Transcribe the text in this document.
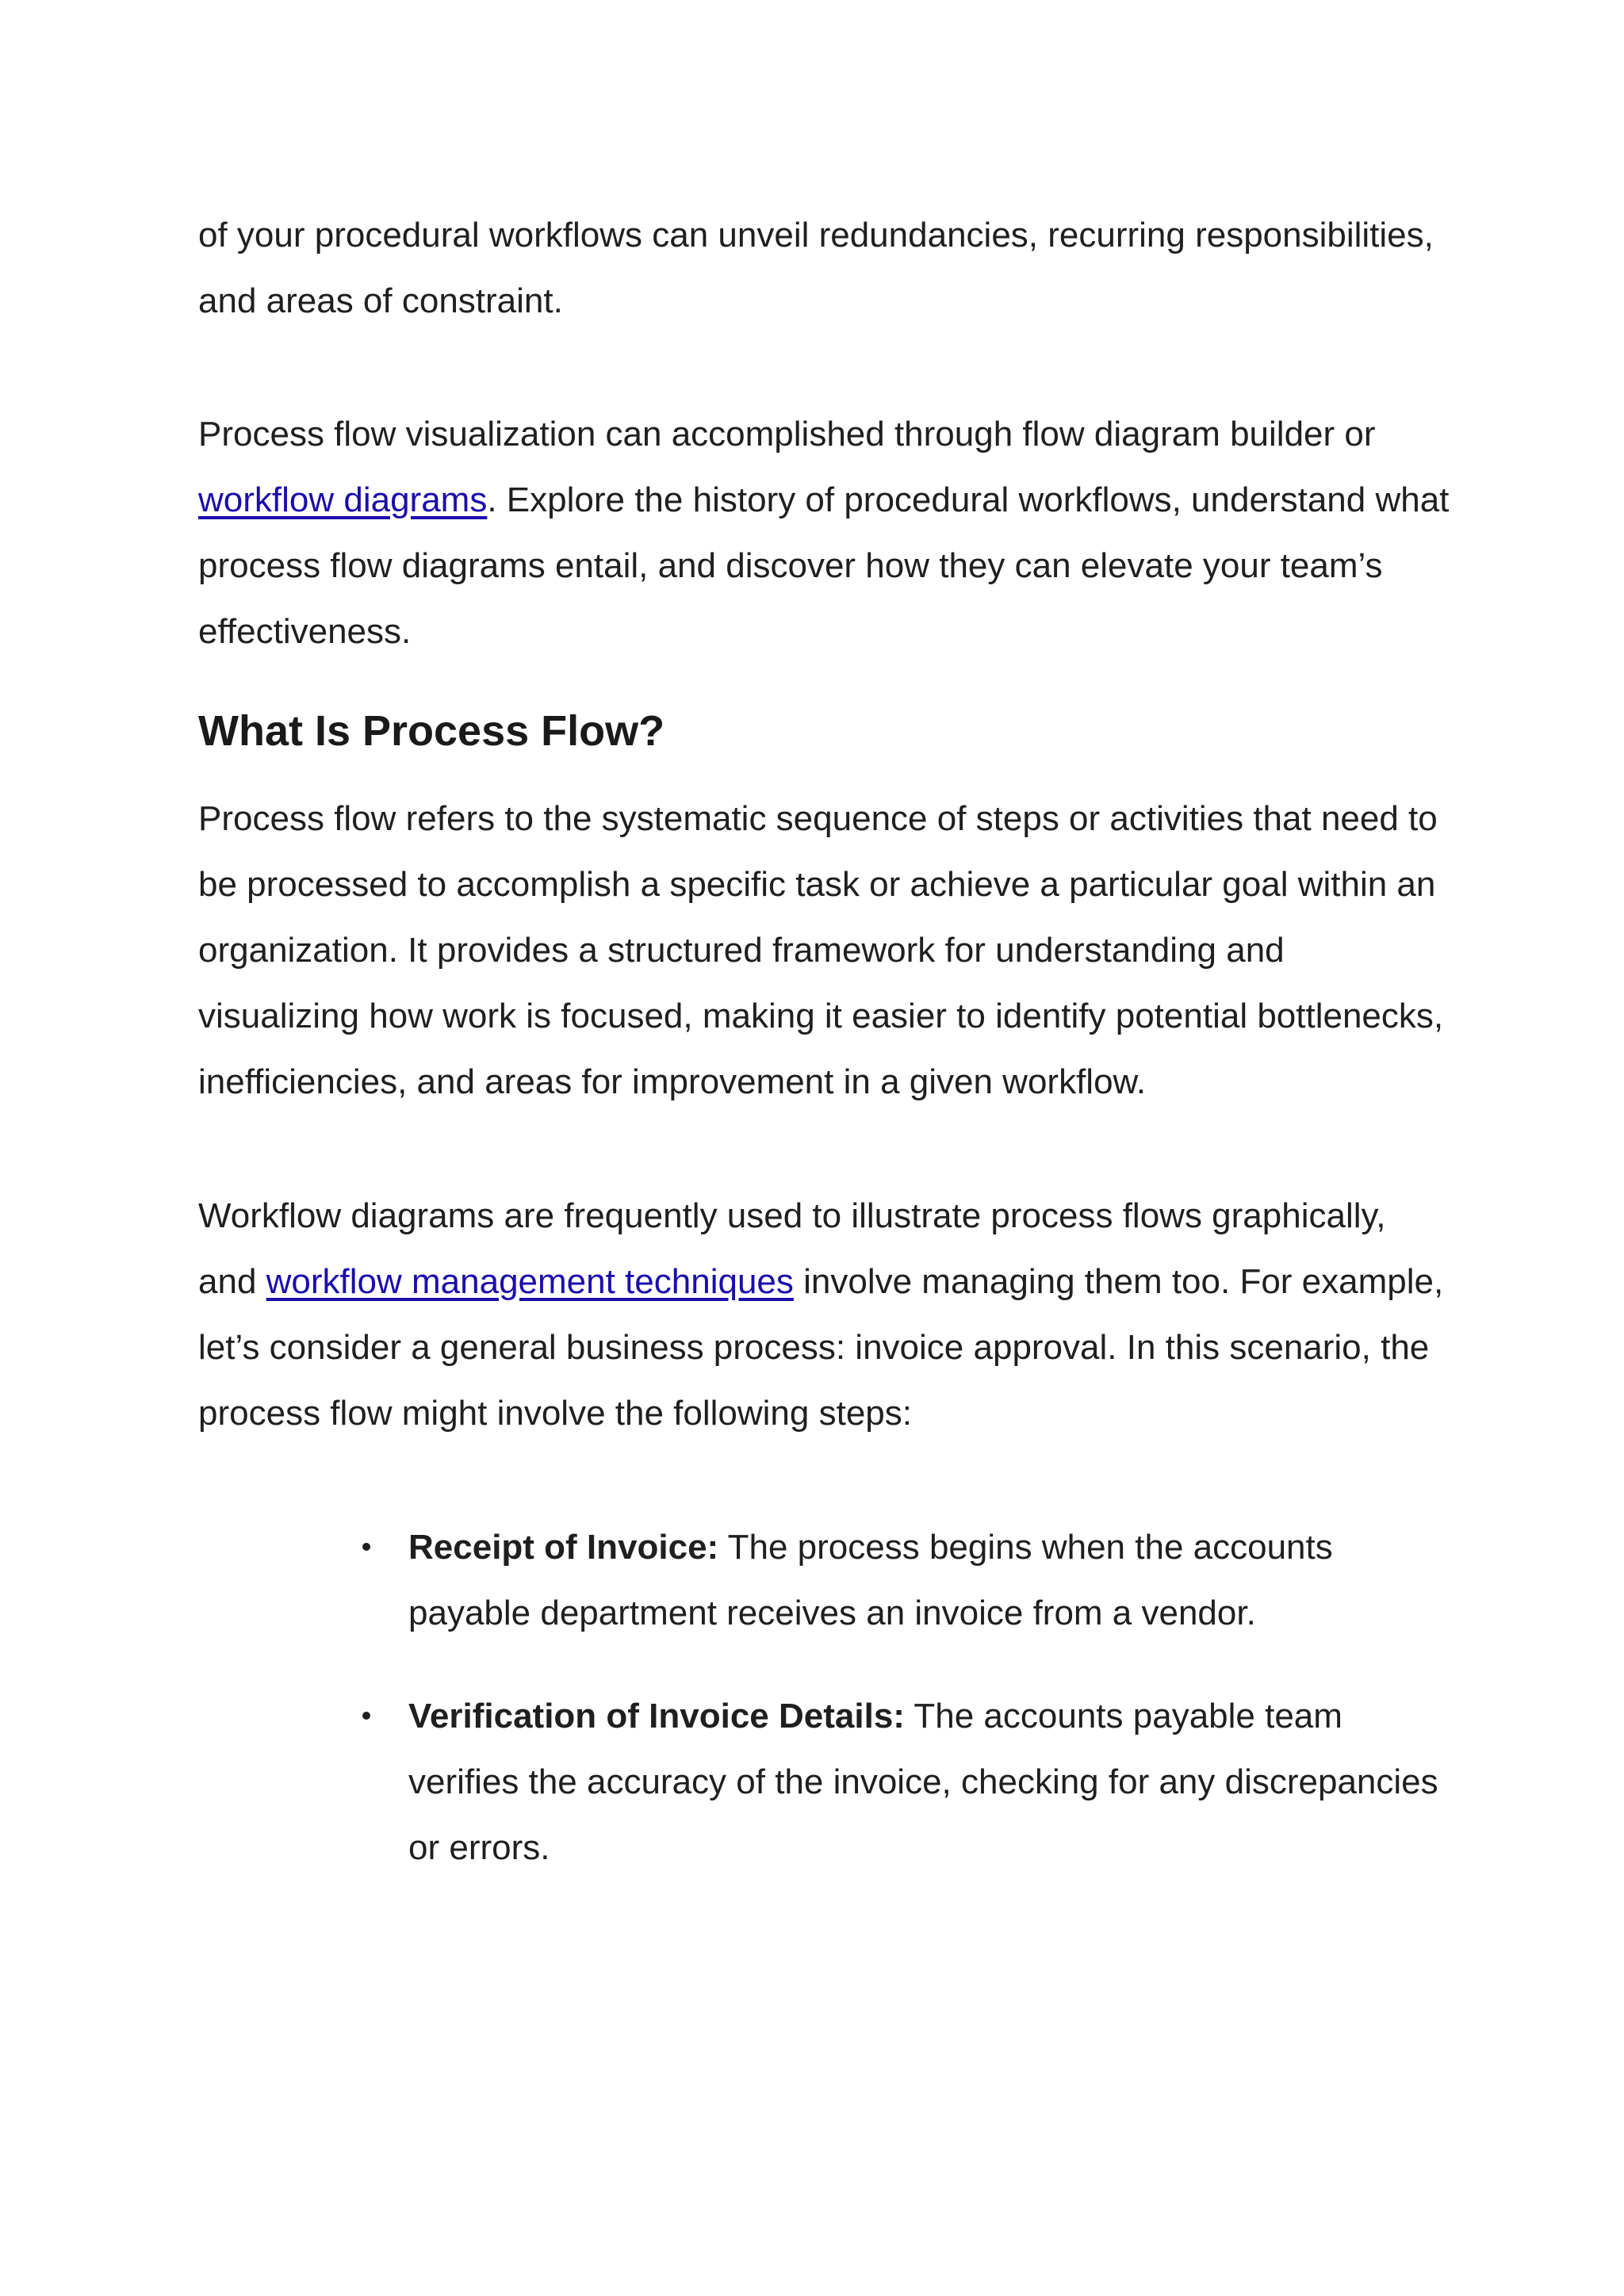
of your procedural workflows can unveil redundancies, recurring responsibilities, and areas of constraint.

Process flow visualization can accomplished through flow diagram builder or workflow diagrams. Explore the history of procedural workflows, understand what process flow diagrams entail, and discover how they can elevate your team’s effectiveness.

What Is Process Flow?

Process flow refers to the systematic sequence of steps or activities that need to be processed to accomplish a specific task or achieve a particular goal within an organization. It provides a structured framework for understanding and visualizing how work is focused, making it easier to identify potential bottlenecks, inefficiencies, and areas for improvement in a given workflow.

Workflow diagrams are frequently used to illustrate process flows graphically, and workflow management techniques involve managing them too. For example, let’s consider a general business process: invoice approval. In this scenario, the process flow might involve the following steps:

Receipt of Invoice: The process begins when the accounts payable department receives an invoice from a vendor.
Verification of Invoice Details: The accounts payable team verifies the accuracy of the invoice, checking for any discrepancies or errors.
